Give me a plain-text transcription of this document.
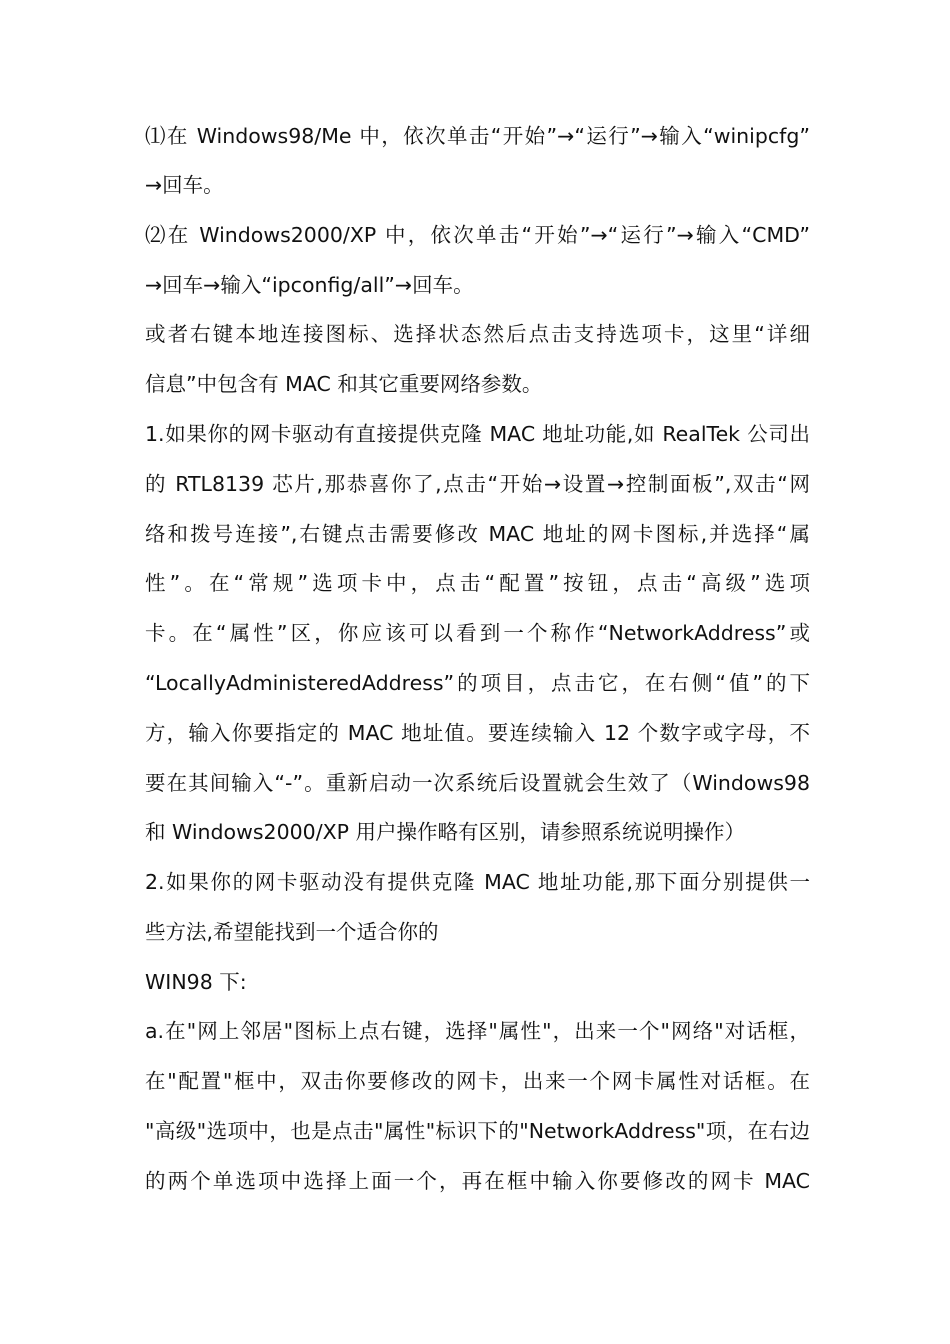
⑴在 Windows98/Me 中，依次单击“开始”→“运行”→输入“winipcfg”
→回车。
⑵在 Windows2000/XP 中，依次单击“开始”→“运行”→输入“CMD”
→回车→输入“ipconfig/all”→回车。
或者右键本地连接图标、选择状态然后点击支持选项卡，这里“详细
信息”中包含有 MAC 和其它重要网络参数。
1.如果你的网卡驱动有直接提供克隆 MAC 地址功能,如 RealTek 公司出
的 RTL8139 芯片,那恭喜你了,点击“开始→设置→控制面板”,双击“网
络和拨号连接”,右键点击需要修改 MAC 地址的网卡图标,并选择“属
性”。在“常规”选项卡中，点击“配置”按钮，点击“高级”选项
卡。在“属性”区，你应该可以看到一个称作“NetworkAddress”或
“LocallyAdministeredAddress”的项目，点击它，在右侧“值”的下
方，输入你要指定的 MAC 地址值。要连续输入 12 个数字或字母，不
要在其间输入“-”。重新启动一次系统后设置就会生效了（Windows98
和 Windows2000/XP 用户操作略有区别，请参照系统说明操作）
2.如果你的网卡驱动没有提供克隆 MAC 地址功能,那下面分别提供一
些方法,希望能找到一个适合你的
WIN98 下:
a.在"网上邻居"图标上点右键，选择"属性"，出来一个"网络"对话框，
在"配置"框中，双击你要修改的网卡，出来一个网卡属性对话框。在
"高级"选项中，也是点击"属性"标识下的"NetworkAddress"项，在右边
的两个单选项中选择上面一个，再在框中输入你要修改的网卡 MAC
